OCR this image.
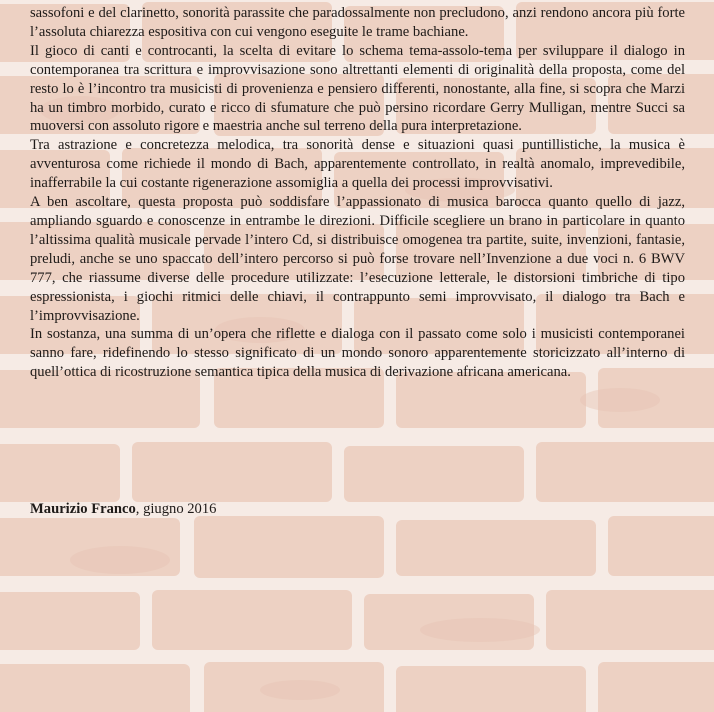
sassofoni e del clarinetto, sonorità parassite che paradossalmente non precludono, anzi rendono ancora più forte l’assoluta chiarezza espositiva con cui vengono eseguite le trame bachiane.

Il gioco di canti e controcanti, la scelta di evitare lo schema tema-assolo-tema per sviluppare il dialogo in contemporanea tra scrittura e improvvisazione sono altrettanti elementi di originalità della proposta, come del resto lo è l’incontro tra musicisti di provenienza e pensiero differenti, nonostante, alla fine, si scopra che Marzi ha un timbro morbido, curato e ricco di sfumature che può persino ricordare Gerry Mulligan, mentre Succi sa muoversi con assoluto rigore e maestria anche sul terreno della pura interpretazione.

Tra astrazione e concretezza melodica, tra sonorità dense e situazioni quasi puntillistiche, la musica è avventurosa come richiede il mondo di Bach, apparentemente controllato, in realtà anomalo, imprevedibile, inafferrabile la cui costante rigenerazione assomiglia a quella dei processi improvvisativi.

A ben ascoltare, questa proposta può soddisfare l’appassionato di musica barocca quanto quello di jazz, ampliando sguardo e conoscenze in entrambe le direzioni. Difficile scegliere un brano in particolare in quanto l’altissima qualità musicale pervade l’intero Cd, si distribuisce omogenea tra partite, suite, invenzioni, fantasie, preludi, anche se uno spaccato dell’intero percorso si può forse trovare nell’Invenzione a due voci n. 6 BWV 777, che riassume diverse delle procedure utilizzate: l’esecuzione letterale, le distorsioni timbriche di tipo espressionista, i giochi ritmici delle chiavi, il contrappunto semi improvvisato, il dialogo tra Bach e l’improvvisazione.

In sostanza, una summa di un’opera che riflette e dialoga con il passato come solo i musicisti contemporanei sanno fare, ridefinendo lo stesso significato di un mondo sonoro apparentemente storicizzato all’interno di quell’ottica di ricostruzione semantica tipica della musica di derivazione africana americana.

Maurizio Franco, giugno 2016
